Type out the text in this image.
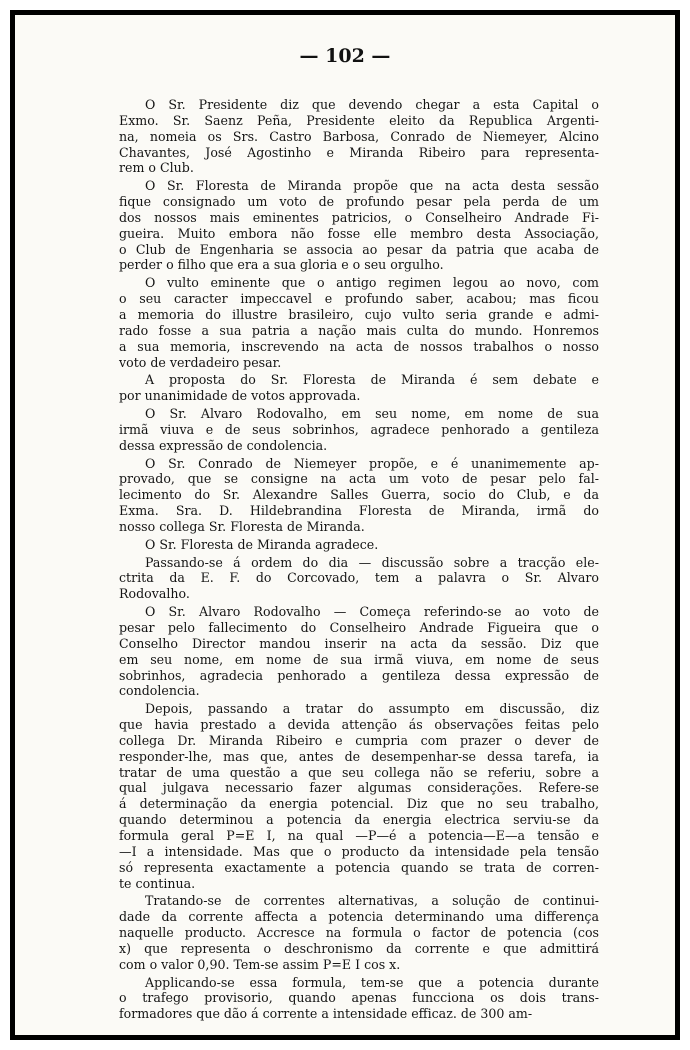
— 102 —
O Sr. Presidente diz que devendo chegar a esta Capital o
Exmo. Sr. Saenz Peña, Presidente eleito da Republica Argenti-
na, nomeia os Srs. Castro Barbosa, Conrado de Niemeyer, Alcino
Chavantes, José Agostinho e Miranda Ribeiro para representa-
rem o Club.
O Sr. Floresta de Miranda propõe que na acta desta sessão
fique consignado um voto de profundo pesar pela perda de um
dos nossos mais eminentes patricios, o Conselheiro Andrade Fi-
gueira. Muito embora não fosse elle membro desta Associação,
o Club de Engenharia se associa ao pesar da patria que acaba de
perder o filho que era a sua gloria e o seu orgulho.
O vulto eminente que o antigo regimen legou ao novo, com
o seu caracter impeccavel e profundo saber, acabou; mas ficou
a memoria do illustre brasileiro, cujo vulto seria grande e admi-
rado fosse a sua patria a nação mais culta do mundo. Honremos
a sua memoria, inscrevendo na acta de nossos trabalhos o nosso
voto de verdadeiro pesar.
A proposta do Sr. Floresta de Miranda é sem debate e
por unanimidade de votos approvada.
O Sr. Alvaro Rodovalho, em seu nome, em nome de sua
irmã viuva e de seus sobrinhos, agradece penhorado a gentileza
dessa expressão de condolencia.
O Sr. Conrado de Niemeyer propõe, e é unanimemente ap-
provado, que se consigne na acta um voto de pesar pelo fal-
lecimento do Sr. Alexandre Salles Guerra, socio do Club, e da
Exma. Sra. D. Hildebrandina Floresta de Miranda, irmã do
nosso collega Sr. Floresta de Miranda.
O Sr. Floresta de Miranda agradece.
Passando-se á ordem do dia — discussão sobre a tracção ele-
ctrita da E. F. do Corcovado, tem a palavra o Sr. Alvaro
Rodovalho.
O Sr. Alvaro Rodovalho — Começa referindo-se ao voto de
pesar pelo fallecimento do Conselheiro Andrade Figueira que o
Conselho Director mandou inserir na acta da sessão. Diz que
em seu nome, em nome de sua irmã viuva, em nome de seus
sobrinhos, agradecia penhorado a gentileza dessa expressão de
condolencia.
Depois, passando a tratar do assumpto em discussão, diz
que havia prestado a devida attenção ás observações feitas pelo
collega Dr. Miranda Ribeiro e cumpria com prazer o dever de
responder-lhe, mas que, antes de desempenhar-se dessa tarefa, ia
tratar de uma questão a que seu collega não se referiu, sobre a
qual julgava necessario fazer algumas considerações. Refere-se
á determinação da energia potencial. Diz que no seu trabalho,
quando determinou a potencia da energia electrica serviu-se da
formula geral P=E I, na qual —P—é a potencia—E—a tensão e
—I a intensidade. Mas que o producto da intensidade pela tensão
só representa exactamente a potencia quando se trata de corren-
te continua.
Tratando-se de correntes alternativas, a solução de continui-
dade da corrente affecta a potencia determinando uma differença
naquelle producto. Accresce na formula o factor de potencia (cos
x) que representa o deschronismo da corrente e que admittirá
com o valor 0,90. Tem-se assim P=E I cos x.
Applicando-se essa formula, tem-se que a potencia durante
o trafego provisorio, quando apenas funcciona os dois trans-
formadores que dão á corrente a intensidade efficaz. de 300 am-
